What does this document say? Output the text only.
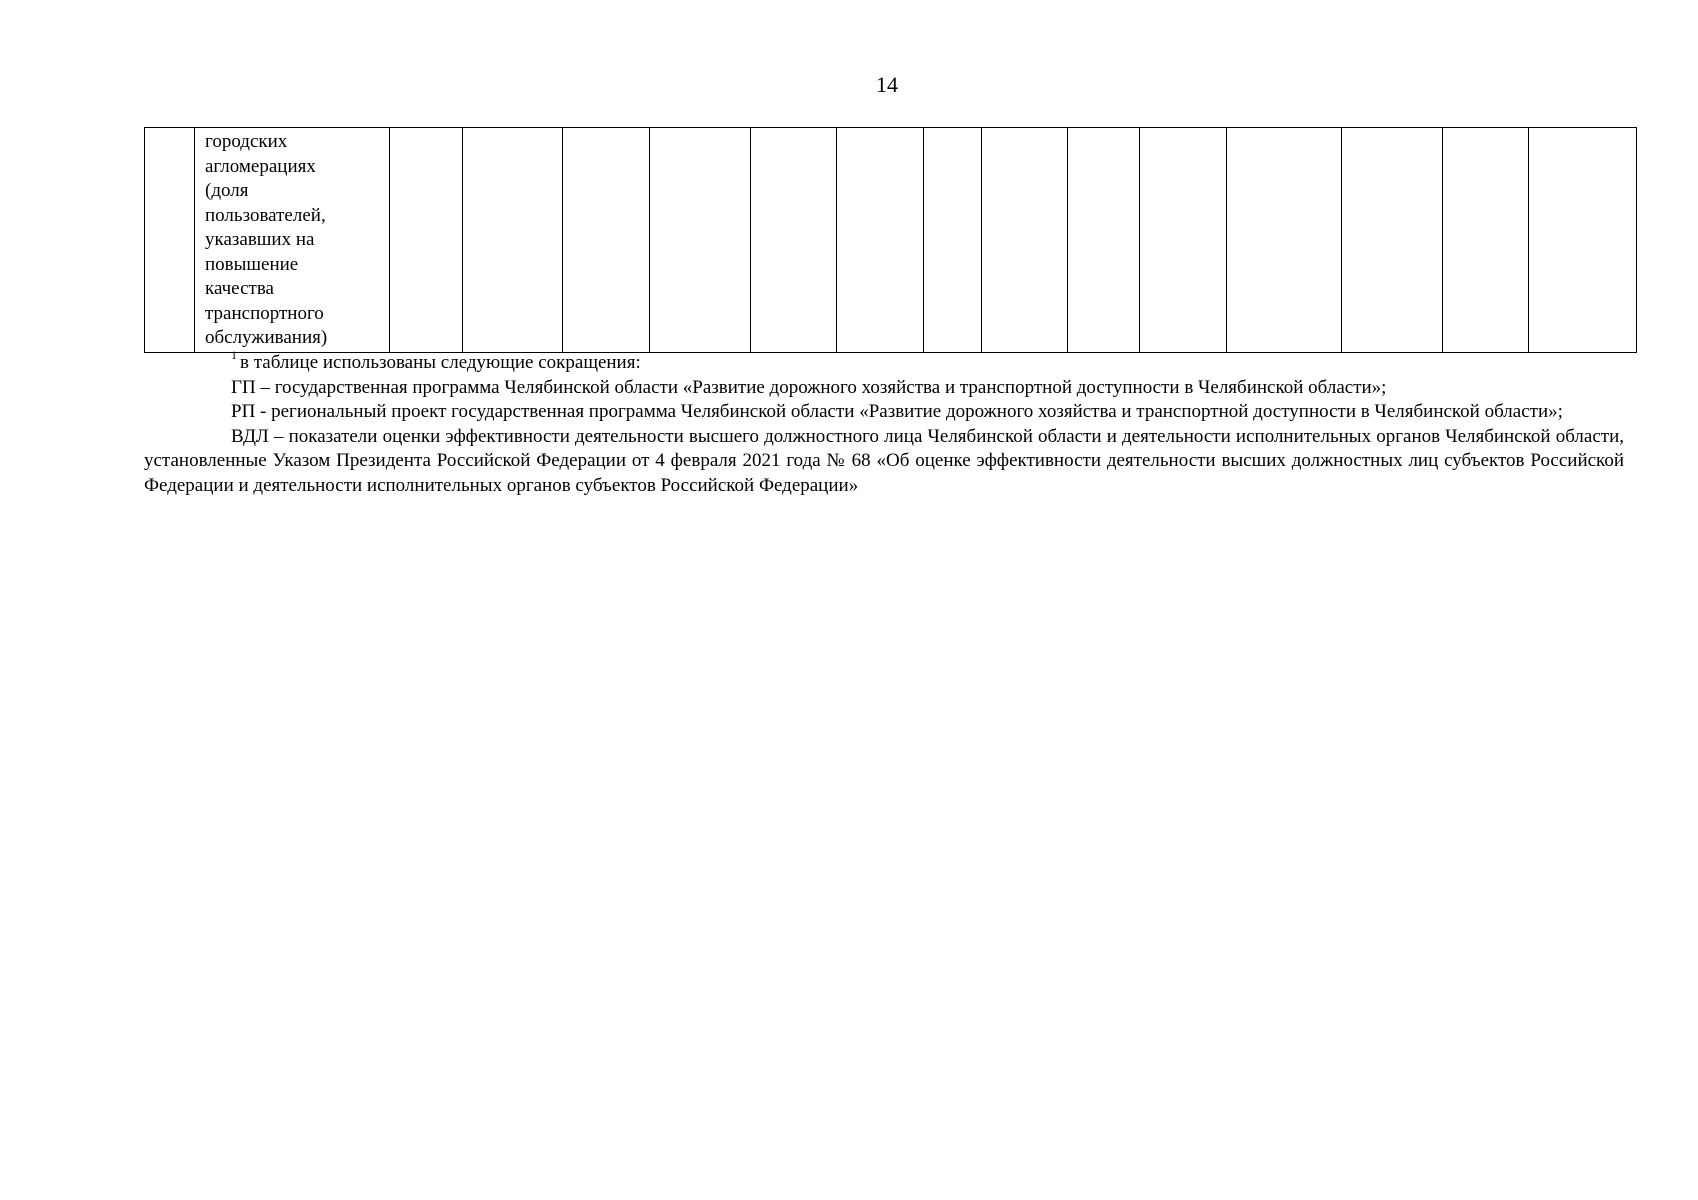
14
	городских
агломерациях
(доля
пользователей,
указавших на
повышение
качества
транспортного
обслуживания)														

$^1$ в таблице использованы следующие сокращения:

ГП – государственная программа Челябинской области «Развитие дорожного хозяйства и транспортной доступности в Челябинской области»;

РП - региональный проект государственная программа Челябинской области «Развитие дорожного хозяйства и транспортной доступности в Челябинской области»;

ВДЛ – показатели оценки эффективности деятельности высшего должностного лица Челябинской области и деятельности исполнительных органов Челябинской области, установленные Указом Президента Российской Федерации от 4 февраля 2021 года № 68 «Об оценке эффективности деятельности высших должностных лиц субъектов Российской Федерации и деятельности исполнительных органов субъектов Российской Федерации»
